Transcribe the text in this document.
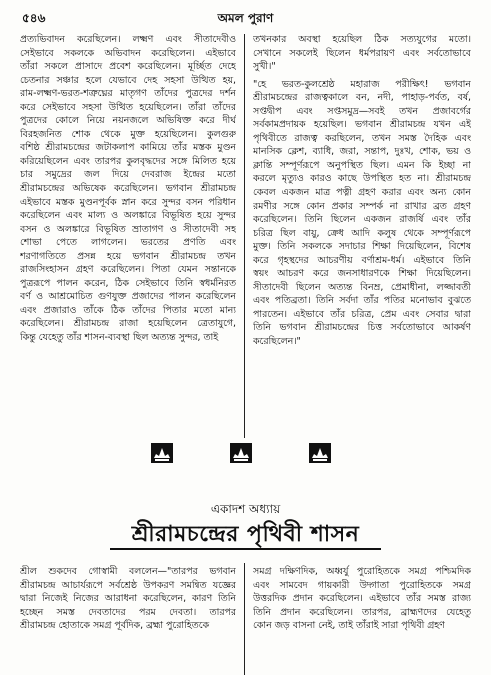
৫৪৬	অমল পুরাণ
প্রত্যভিবাদন করেছিলেন। লক্ষ্মণ এবং সীতাদেবীও
সেইভাবে সকলকে অভিবাদন করেছিলেন। এইভাবে
তাঁরা সকলে প্রাসাদে প্রবেশ করেছিলেন। মূর্চ্ছিত দেহে
চেতনার সঞ্চার হলে যেভাবে দেহ সহসা উত্থিত হয়,
রাম-লক্ষ্মণ-ভরত-শত্রুঘ্নের মাতৃগণ তাঁদের পুত্রদের দর্শন
করে সেইভাবে সহসা উত্থিত হয়েছিলেন। তাঁরা তাঁদের
পুত্রদের কোলে নিয়ে নয়নজলে অভিষিক্ত করে দীর্ঘ
বিরহজনিত শোক থেকে মুক্ত হয়েছিলেন। কুলগুরু
বশিষ্ঠ শ্রীরামচন্দ্রের জটাকলাপ কামিয়ে তাঁর মস্তক মুণ্ডন
করিয়েছিলেন এবং তারপর কুলবৃদ্ধদের সঙ্গে মিলিত হয়ে
চার সমুদ্রের জল দিয়ে দেবরাজ ইন্দ্রের মতো
শ্রীরামচন্দ্রের অভিষেক করেছিলেন। ভগবান শ্রীরামচন্দ্র
এইভাবে মস্তক মুণ্ডনপূর্বক স্নান করে সুন্দর বসন পরিধান
করেছিলেন এবং মাল্য ও অলঙ্কারে বিভূষিত হয়ে সুন্দর
বসন ও অলঙ্কারে বিভূষিত ভ্রাতাগণ ও সীতাদেবী সহ
শোভা পেতে লাগলেন। ভরতের প্রণতি এবং
শরণাগতিতে প্রসন্ন হয়ে ভগবান শ্রীরামচন্দ্র তখন
রাজসিংহাসন গ্রহণ করেছিলেন। পিতা যেমন সন্তানকে
পুত্ররূপে পালন করেন, ঠিক সেইভাবে তিনি স্বধর্মনিরত
বর্ণ ও আশ্রমোচিত গুণযুক্ত প্রজাদের পালন করেছিলেন
এবং প্রজারাও তাঁকে ঠিক তাঁদের পিতার মতো মান্য
করেছিলেন। শ্রীরামচন্দ্র রাজা হয়েছিলেন ত্রেতাযুগে,
কিন্তু যেহেতু তাঁর শাসন-ব্যবস্থা ছিল অত্যন্ত সুন্দর, তাই
তখনকার অবস্থা হয়েছিল ঠিক সত্যযুগের মতো।
সেখানে সকলেই ছিলেন ধর্মপরায়ণ এবং সর্বতোভাবে
সুখী।"

"হে ভরত-কুলশ্রেষ্ঠ মহারাজ পরীক্ষিৎ! ভগবান
শ্রীরামচন্দ্রের রাজত্বকালে বন, নদী, পাহাড়-পর্বত, বর্ষ,
সপ্তদ্বীপ এবং সপ্তসমুদ্র—সবই তখন প্রজাবর্গের
সর্বকামপ্রদায়ক হয়েছিল। ভগবান শ্রীরামচন্দ্র যখন এই
পৃথিবীতে রাজত্ব করছিলেন, তখন সমস্ত দৈহিক এবং
মানসিক ক্লেশ, ব্যাধি, জরা, সন্তাপ, দুঃখ, শোক, ভয় ও
ক্লান্তি সম্পূর্ণরূপে অনুপস্থিত ছিল। এমন কি ইচ্ছা না
করলে মৃত্যুও কারও কাছে উপস্থিত হত না। শ্রীরামচন্দ্র
কেবল একজন মাত্র পত্নী গ্রহণ করার এবং অন্য কোন
রমণীর সঙ্গে কোন প্রকার সম্পর্ক না রাখার ব্রত গ্রহণ
করেছিলেন। তিনি ছিলেন একজন রাজর্ষি এবং তাঁর
চরিত্র ছিল বায়ু, ক্রেধ আদি কলুষ থেকে সম্পূর্ণরূপে
মুক্ত। তিনি সকলকে সদাচার শিক্ষা দিয়েছিলেন, বিশেষ
করে গৃহস্থদের আচরণীয় বর্ণাশ্রম-ধর্ম। এইভাবে তিনি
স্বয়ং আচরণ করে জনসাধারণকে শিক্ষা দিয়েছিলেন।
সীতাদেবী ছিলেন অত্যন্ত বিনম্র, প্রেমাধীনা, লজ্জাবতী
এবং পতিব্রতা। তিনি সর্বদা তাঁর পতির মনোভাব বুঝতে
পারতেন। এইভাবে তাঁর চরিত্র, প্রেম এবং সেবার দ্বারা
তিনি ভগবান শ্রীরামচন্দ্রের চিত্ত সর্বতোভাবে আকর্ষণ
করেছিলেন।"
একাদশ অধ্যায়
শ্রীরামচন্দ্রের পৃথিবী শাসন
শ্রীল শুকদেব গোস্বামী বললেন—"তারপর ভগবান
শ্রীরামচন্দ্র আচার্যরূপে সর্বশ্রেষ্ঠ উপকরণ সমন্বিত যজ্ঞের
দ্বারা নিজেই নিজের আরাধনা করেছিলেন, কারণ তিনি
হচ্ছেন সমস্ত দেবতাদের পরম দেবতা। তারপর
শ্রীরামচন্দ্র হোতাকে সমগ্র পূর্বদিক, ব্রহ্মা পুরোহিতকে
সমগ্র দক্ষিণদিক, অধ্বর্যু পুরোহিতকে সমগ্র পশ্চিমদিক
এবং সামবেদ গায়কারী উদ্গাতা পুরোহিতকে সমগ্র
উত্তরদিক প্রদান করেছিলেন। এইভাবে তাঁর সমস্ত রাজ্য
তিনি প্রদান করেছিলেন। তারপর, ব্রাহ্মণদের যেহেতু
কোন জড় বাসনা নেই, তাই তাঁরাই সারা পৃথিবী গ্রহণ
